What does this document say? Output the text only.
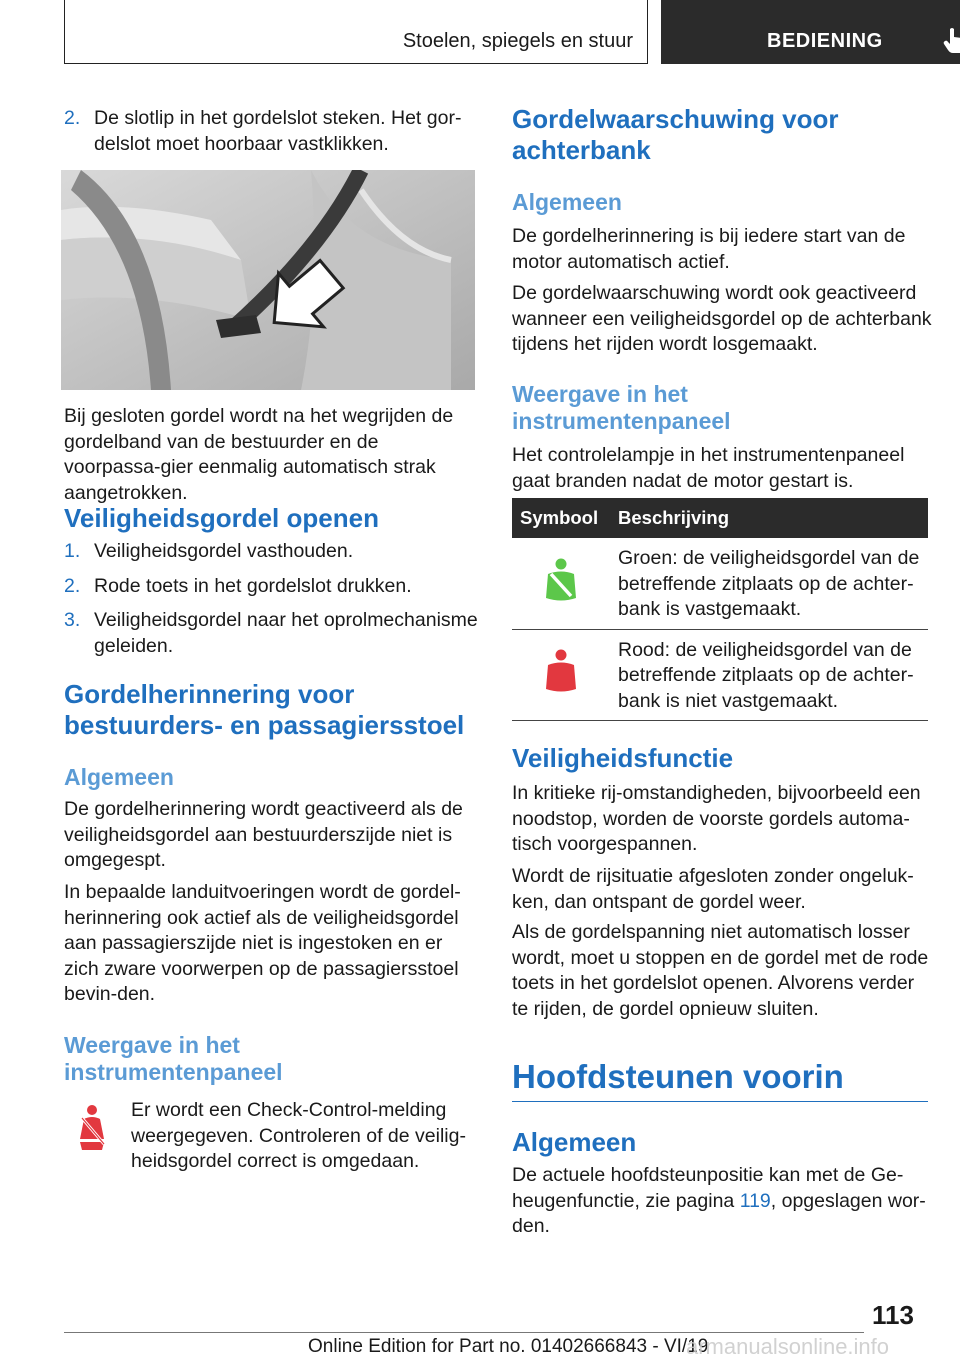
Stoelen, spiegels en stuur	BEDIENING
2. De slotlip in het gordelslot steken. Het gor-delslot moet hoorbaar vastklikken.

Bij gesloten gordel wordt na het wegrijden de gordelband van de bestuurder en de voorpassa-gier eenmalig automatisch strak aangetrokken.

Veiligheidsgordel openen
1. Veiligheidsgordel vasthouden.
2. Rode toets in het gordelslot drukken.
3. Veiligheidsgordel naar het oprolmechanisme geleiden.
Gordelherinnering voor bestuurders- en passagiersstoel
Algemeen

De gordelherinnering wordt geactiveerd als de veiligheidsgordel aan bestuurderszijde niet is omgegespt.

In bepaalde landuitvoeringen wordt de gordel-herinnering ook actief als de veiligheidsgordel aan passagierszijde niet is ingestoken en er zich zware voorwerpen op de passagiersstoel bevin-den.

Weergave in het instrumentenpaneel

Er wordt een Check-Control-melding weergegeven. Controleren of de veilig-heidsgordel correct is omgedaan.

Gordelwaarschuwing voor achterbank
Algemeen

De gordelherinnering is bij iedere start van de motor automatisch actief.

De gordelwaarschuwing wordt ook geactiveerd wanneer een veiligheidsgordel op de achterbank tijdens het rijden wordt losgemaakt.

Weergave in het instrumentenpaneel

Het controlelampje in het instrumentenpaneel gaat branden nadat de motor gestart is.

Symbool	Beschrijving
	Groen: de veiligheidsgordel van de betreffende zitplaats op de achter-bank is vastgemaakt.
	Rood: de veiligheidsgordel van de betreffende zitplaats op de achter-bank is niet vastgemaakt.
Veiligheidsfunctie

In kritieke rij-omstandigheden, bijvoorbeeld een noodstop, worden de voorste gordels automa-tisch voorgespannen.

Wordt de rijsituatie afgesloten zonder ongeluk-ken, dan ontspant de gordel weer.

Als de gordelspanning niet automatisch losser wordt, moet u stoppen en de gordel met de rode toets in het gordelslot openen. Alvorens verder te rijden, de gordel opnieuw sluiten.

Hoofdsteunen voorin
Algemeen

De actuele hoofdsteunpositie kan met de Ge-heugenfunctie, zie pagina 119, opgeslagen wor-den.

113
Online Edition for Part no. 01402666843 - VI/19
armanualsonline.info
